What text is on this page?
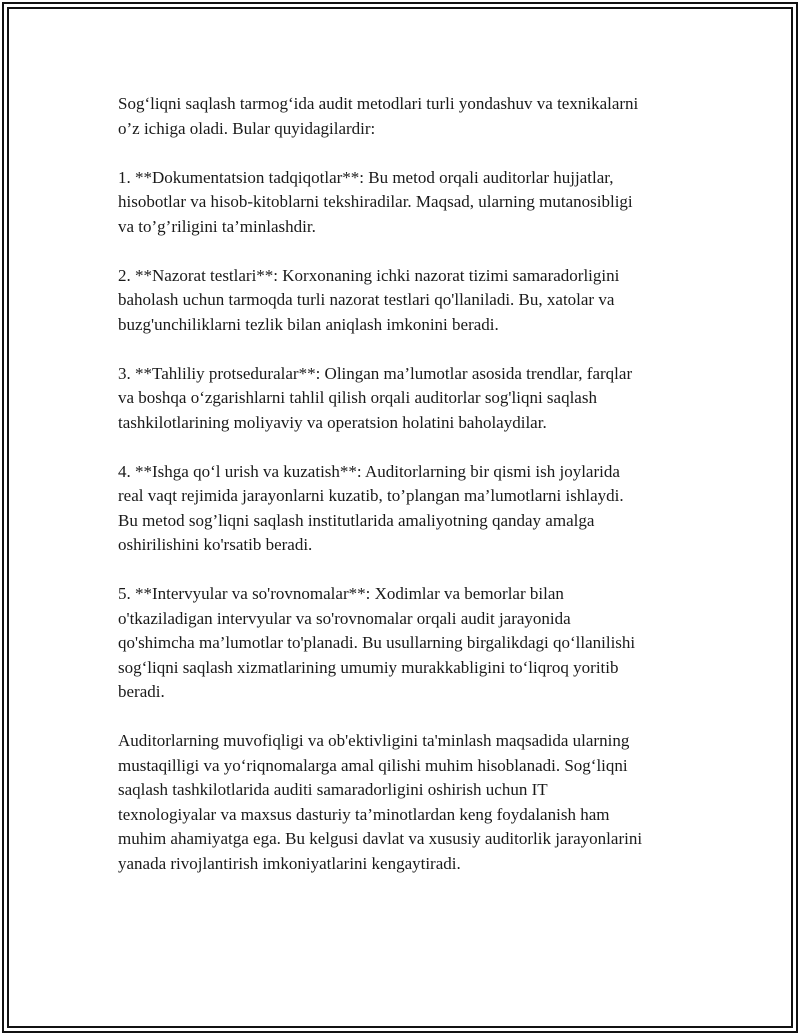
Sog‘liqni saqlash tarmog‘ida audit metodlari turli yondashuv va texnikalarni
o’z ichiga oladi. Bular quyidagilardir:

1. **Dokumentatsion tadqiqotlar**: Bu metod orqali auditorlar hujjatlar,
hisobotlar va hisob-kitoblarni tekshiradilar. Maqsad, ularning mutanosibligi
va to’g’riligini ta’minlashdir.

2. **Nazorat testlari**: Korxonaning ichki nazorat tizimi samaradorligini
baholash uchun tarmoqda turli nazorat testlari qo'llaniladi. Bu, xatolar va
buzg'unchiliklarni tezlik bilan aniqlash imkonini beradi.

3. **Tahliliy protseduralar**: Olingan ma’lumotlar asosida trendlar, farqlar
va boshqa o‘zgarishlarni tahlil qilish orqali auditorlar sog'liqni saqlash
tashkilotlarining moliyaviy va operatsion holatini baholaydilar.

4. **Ishga qo‘l urish va kuzatish**: Auditorlarning bir qismi ish joylarida
real vaqt rejimida jarayonlarni kuzatib, to’plangan ma’lumotlarni ishlaydi.
Bu metod sog’liqni saqlash institutlarida amaliyotning qanday amalga
oshirilishini ko'rsatib beradi.

5. **Intervyular va so'rovnomalar**: Xodimlar va bemorlar bilan
o'tkaziladigan intervyular va so'rovnomalar orqali audit jarayonida
qo'shimcha ma’lumotlar to'planadi. Bu usullarning birgalikdagi qo‘llanilishi
sog‘liqni saqlash xizmatlarining umumiy murakkabligini to‘liqroq yoritib
beradi.

Auditorlarning muvofiqligi va ob'ektivligini ta'minlash maqsadida ularning
mustaqilligi va yo‘riqnomalarga amal qilishi muhim hisoblanadi. Sog‘liqni
saqlash tashkilotlarida auditi samaradorligini oshirish uchun IT
texnologiyalar va maxsus dasturiy ta’minotlardan keng foydalanish ham
muhim ahamiyatga ega. Bu kelgusi davlat va xususiy auditorlik jarayonlarini
yanada rivojlantirish imkoniyatlarini kengaytiradi.
